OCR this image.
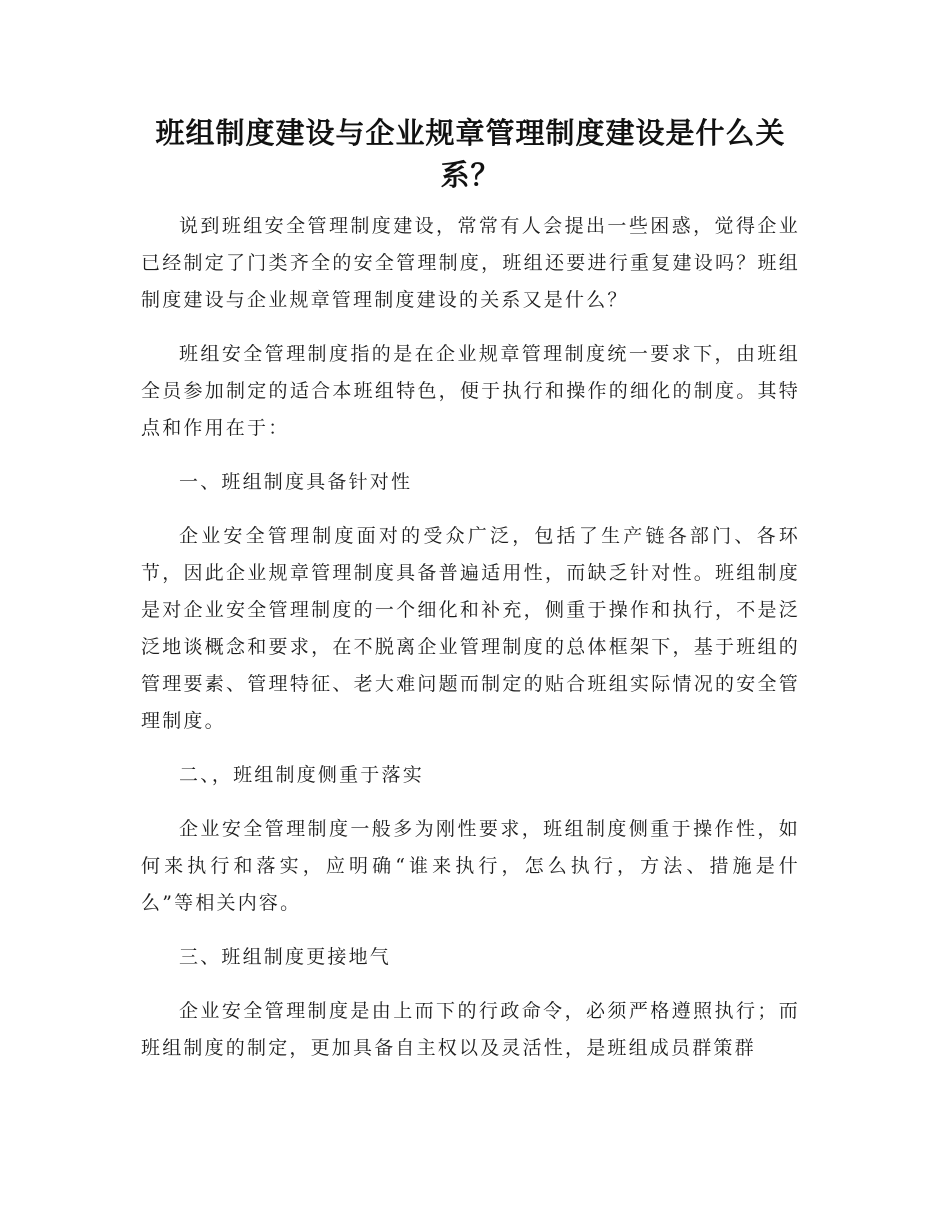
班组制度建设与企业规章管理制度建设是什么关系？

说到班组安全管理制度建设，常常有人会提出一些困惑，觉得企业已经制定了门类齐全的安全管理制度，班组还要进行重复建设吗？班组制度建设与企业规章管理制度建设的关系又是什么？

班组安全管理制度指的是在企业规章管理制度统一要求下，由班组全员参加制定的适合本班组特色，便于执行和操作的细化的制度。其特点和作用在于：

一、班组制度具备针对性

企业安全管理制度面对的受众广泛，包括了生产链各部门、各环节，因此企业规章管理制度具备普遍适用性，而缺乏针对性。班组制度是对企业安全管理制度的一个细化和补充，侧重于操作和执行，不是泛泛地谈概念和要求，在不脱离企业管理制度的总体框架下，基于班组的管理要素、管理特征、老大难问题而制定的贴合班组实际情况的安全管理制度。

二、，班组制度侧重于落实

企业安全管理制度一般多为刚性要求，班组制度侧重于操作性，如何来执行和落实，应明确“谁来执行，怎么执行，方法、措施是什么”等相关内容。

三、班组制度更接地气

企业安全管理制度是由上而下的行政命令，必须严格遵照执行；而班组制度的制定，更加具备自主权以及灵活性，是班组成员群策群
